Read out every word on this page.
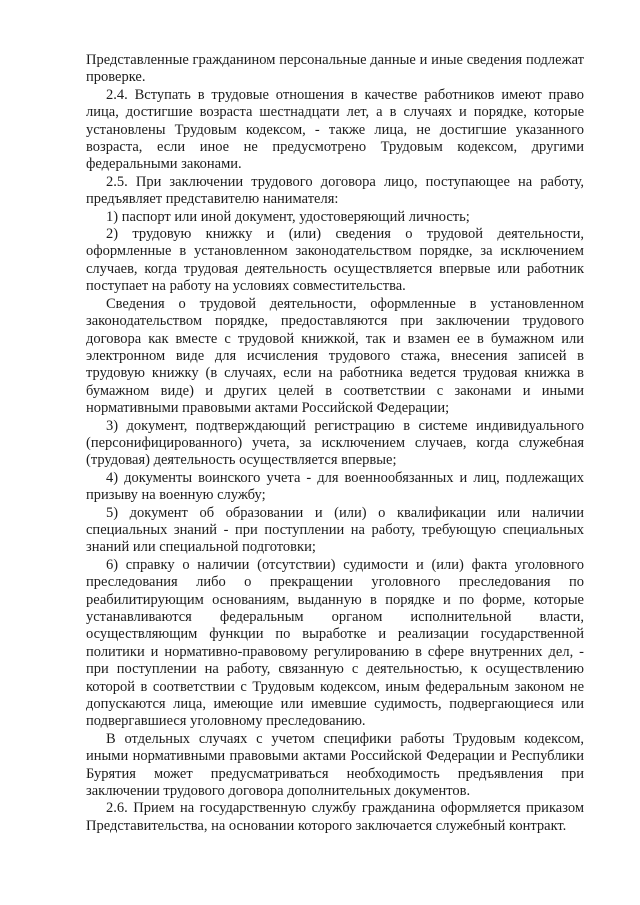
Представленные гражданином персональные данные и иные сведения подлежат проверке.

2.4. Вступать в трудовые отношения в качестве работников имеют право лица, достигшие возраста шестнадцати лет, а в случаях и порядке, которые установлены Трудовым кодексом, - также лица, не достигшие указанного возраста, если иное не предусмотрено Трудовым кодексом, другими федеральными законами.

2.5. При заключении трудового договора лицо, поступающее на работу, предъявляет представителю нанимателя:

1) паспорт или иной документ, удостоверяющий личность;

2) трудовую книжку и (или) сведения о трудовой деятельности, оформленные в установленном законодательством порядке, за исключением случаев, когда трудовая деятельность осуществляется впервые или работник поступает на работу на условиях совместительства.

Сведения о трудовой деятельности, оформленные в установленном законодательством порядке, предоставляются при заключении трудового договора как вместе с трудовой книжкой, так и взамен ее в бумажном или электронном виде для исчисления трудового стажа, внесения записей в трудовую книжку (в случаях, если на работника ведется трудовая книжка в бумажном виде) и других целей в соответствии с законами и иными нормативными правовыми актами Российской Федерации;

3) документ, подтверждающий регистрацию в системе индивидуального (персонифицированного) учета, за исключением случаев, когда служебная (трудовая) деятельность осуществляется впервые;

4) документы воинского учета - для военнообязанных и лиц, подлежащих призыву на военную службу;

5) документ об образовании и (или) о квалификации или наличии специальных знаний - при поступлении на работу, требующую специальных знаний или специальной подготовки;

6) справку о наличии (отсутствии) судимости и (или) факта уголовного преследования либо о прекращении уголовного преследования по реабилитирующим основаниям, выданную в порядке и по форме, которые устанавливаются федеральным органом исполнительной власти, осуществляющим функции по выработке и реализации государственной политики и нормативно-правовому регулированию в сфере внутренних дел, - при поступлении на работу, связанную с деятельностью, к осуществлению которой в соответствии с Трудовым кодексом, иным федеральным законом не допускаются лица, имеющие или имевшие судимость, подвергающиеся или подвергавшиеся уголовному преследованию.

В отдельных случаях с учетом специфики работы Трудовым кодексом, иными нормативными правовыми актами Российской Федерации и Республики Бурятия может предусматриваться необходимость предъявления при заключении трудового договора дополнительных документов.

2.6. Прием на государственную службу гражданина оформляется приказом Представительства, на основании которого заключается служебный контракт.
